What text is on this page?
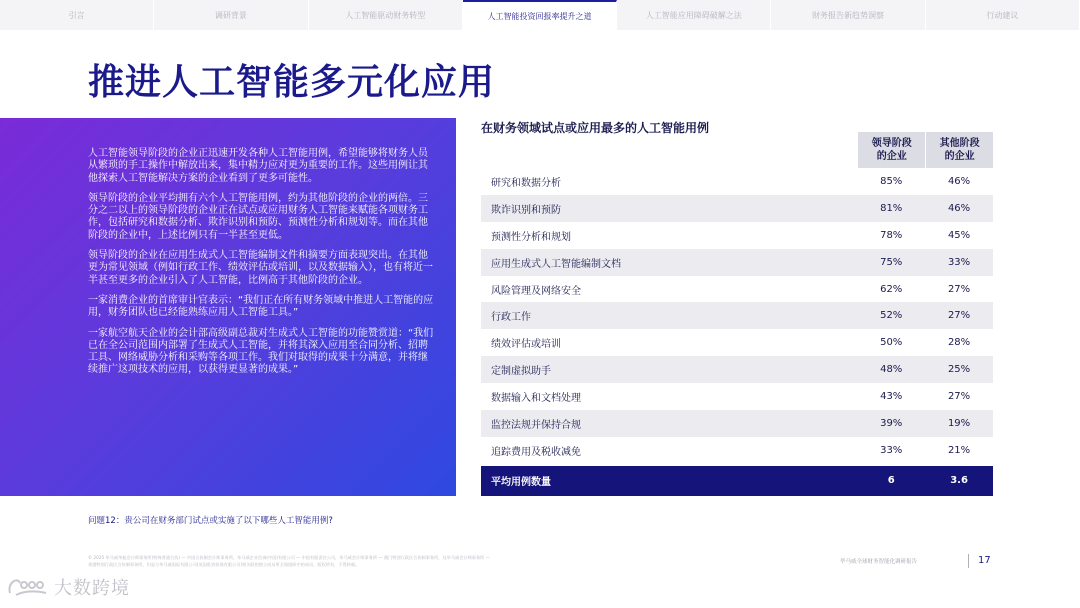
引言	调研背景	人工智能驱动财务转型	人工智能投资回报率提升之道	人工智能应用障碍破解之法	财务报告新趋势洞察	行动建议
推进人工智能多元化应用

人工智能领导阶段的企业正迅速开发各种人工智能用例，希望能够将财务人员从繁琐的手工操作中解放出来，集中精力应对更为重要的工作。这些用例让其他探索人工智能解决方案的企业看到了更多可能性。

领导阶段的企业平均拥有六个人工智能用例，约为其他阶段的企业的两倍。三分之二以上的领导阶段的企业正在试点或应用财务人工智能来赋能各项财务工作，包括研究和数据分析、欺诈识别和预防、预测性分析和规划等。而在其他阶段的企业中，上述比例只有一半甚至更低。

领导阶段的企业在应用生成式人工智能编制文件和摘要方面表现突出。在其他更为常见领域（例如行政工作、绩效评估或培训，以及数据输入），也有将近一半甚至更多的企业引入了人工智能，比例高于其他阶段的企业。

一家消费企业的首席审计官表示：“我们正在所有财务领域中推进人工智能的应用，财务团队也已经能熟练应用人工智能工具。”

一家航空航天企业的会计部高级副总裁对生成式人工智能的功能赞赏道：“我们已在全公司范围内部署了生成式人工智能，并将其深入应用至合同分析、招聘工具、网络威胁分析和采购等各项工作。我们对取得的成果十分满意，并将继续推广这项技术的应用，以获得更显著的成果。”

在财务领域试点或应用最多的人工智能用例
领导阶段
的企业
其他阶段
的企业
研究和数据分析	85%	46%
欺诈识别和预防	81%	46%
预测性分析和规划	78%	45%
应用生成式人工智能编制文档	75%	33%
风险管理及网络安全	62%	27%
行政工作	52%	27%
绩效评估或培训	50%	28%
定制虚拟助手	48%	25%
数据输入和文档处理	43%	27%
监控法规并保持合规	39%	19%
追踪费用及税收减免	33%	21%
平均用例数量	6	3.6
问题12：贵公司在财务部门试点或实施了以下哪些人工智能用例?
© 2025 毕马威华振会计师事务所(特殊普通合伙) — 中国合伙制会计师事务所，毕马威企业咨询(中国)有限公司 — 中国有限责任公司，毕马威会计师事务所 — 澳门特别行政区合伙制事务所，及毕马威会计师事务所 —
香港特别行政区合伙制事务所，均是与毕马威国际有限公司(英国私营担保有限公司)相关联的独立成员所全球组织中的成员。版权所有，不得转载。	毕马威全球财务智能化调研报告	17
大数跨境
